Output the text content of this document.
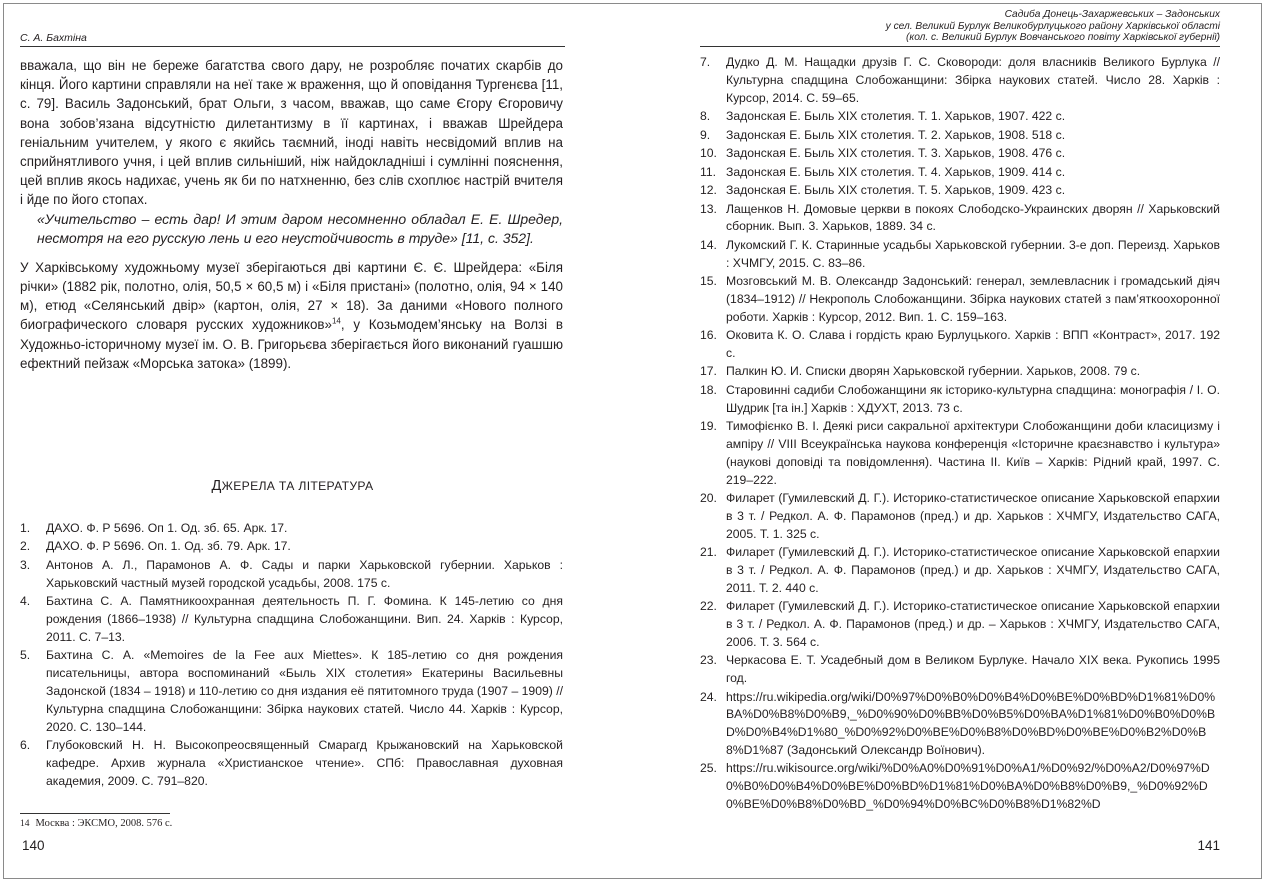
С. А. Бахтіна

вважала, що він не береже багатства свого дару, не розробляє початих скарбів до кінця. Його картини справляли на неї таке ж враження, що й оповідання Тургенєва [11, с. 79]. Василь Задонський, брат Ольги, з часом, вважав, що саме Єгору Єгоровичу вона зобов’язана відсутністю дилетантизму в її картинах, і вважав Шрейдера геніальним учителем, у якого є якийсь таємний, іноді навіть несвідомий вплив на сприйнятливого учня, і цей вплив сильніший, ніж найдокладніші і сумлінні пояснення, цей вплив якось надихає, учень як би по натхненню, без слів схоплює настрій вчителя і йде по його стопах.

«Учительство – есть дар! И этим даром несомненно обладал Е. Е. Шредер, несмотря на его русскую лень и его неустойчивость в труде» [11, с. 352].

У Харківському художньому музеї зберігаються дві картини Є. Є. Шрейдера: «Біля річки» (1882 рік, полотно, олія, 50,5 × 60,5 м) і «Біля пристані» (полотно, олія, 94 × 140 м), етюд «Селянський двір» (картон, олія, 27 × 18). За даними «Нового полного биографического словаря русских художников»$^{14}$, у Козьмодем’янську на Волзі в Художньо-історичному музеї ім. О. В. Григорьєва зберігається його виконаний гуашшю ефектний пейзаж «Морська затока» (1899).

ДЖЕРЕЛА ТА ЛІТЕРАТУРА
1. ДАХО. Ф. Р 5696. Оп 1. Од. зб. 65. Арк. 17.
2. ДАХО. Ф. Р 5696. Оп. 1. Од. зб. 79. Арк. 17.
3. Антонов А. Л., Парамонов А. Ф. Сады и парки Харьковской губернии. Харьков : Харьковский частный музей городской усадьбы, 2008. 175 с.
4. Бахтина С. А. Памятникоохранная деятельность П. Г. Фомина. К 145-летию со дня рождения (1866–1938) // Культурна спадщина Слобожанщини. Вип. 24. Харків : Курсор, 2011. С. 7–13.
5. Бахтина С. А. «Memoires de la Fee aux Miettes». К 185-летию со дня рождения писательницы, автора воспоминаний «Быль XIX столетия» Екатерины Васильевны Задонской (1834 – 1918) и 110-летию со дня издания её пятитомного труда (1907 – 1909) // Культурна спадщина Слобожанщини: Збірка наукових статей. Число 44. Харків : Курсор, 2020. С. 130–144.
6. Глубоковский Н. Н. Высокопреосвященный Смарагд Крыжановский на Харьковской кафедре. Архив журнала «Христианское чтение». СПб: Православная духовная академия, 2009. С. 791–820.
14 Москва : ЭКСМО, 2008. 576 с.
140
Садиба Донець-Захаржевських – Задонських
у сел. Великий Бурлук Великобурлуцького району Харківської області
(кол. с. Великий Бурлук Вовчанського повіту Харківської губернії)
7. Дудко Д. М. Нащадки друзів Г. С. Сковороди: доля власників Великого Бурлука // Культурна спадщина Слобожанщини: Збірка наукових статей. Число 28. Харків : Курсор, 2014. С. 59–65.
8. Задонская Е. Быль XIX столетия. Т. 1. Харьков, 1907. 422 с.
9. Задонская Е. Быль XIX столетия. Т. 2. Харьков, 1908. 518 с.
10. Задонская Е. Быль XIX столетия. Т. 3. Харьков, 1908. 476 с.
11. Задонская Е. Быль XIX столетия. Т. 4. Харьков, 1909. 414 с.
12. Задонская Е. Быль XIX столетия. Т. 5. Харьков, 1909. 423 с.
13. Лащенков Н. Домовые церкви в покоях Слободско-Украинских дворян // Харьковский сборник. Вып. 3. Харьков, 1889. 34 с.
14. Лукомский Г. К. Старинные усадьбы Харьковской губернии. 3-е доп. Переизд. Харьков : ХЧМГУ, 2015. С. 83–86.
15. Мозговський М. В. Олександр Задонський: генерал, землевласник і громадський діяч (1834–1912) // Некрополь Слобожанщини. Збірка наукових статей з пам’яткоохоронної роботи. Харків : Курсор, 2012. Вип. 1. С. 159–163.
16. Оковита К. О. Слава і гордість краю Бурлуцького. Харків : ВПП «Контраст», 2017. 192 с.
17. Палкин Ю. И. Списки дворян Харьковской губернии. Харьков, 2008. 79 с.
18. Старовинні садиби Слобожанщини як історико-культурна спадщина: монографія / І. О. Шудрик [та ін.] Харків : ХДУХТ, 2013. 73 с.
19. Тимофієнко В. І. Деякі риси сакральної архітектури Слобожанщини доби класицизму і ампіру // VIII Всеукраїнська наукова конференція «Історичне краєзнавство і культура» (наукові доповіді та повідомлення). Частина ІІ. Київ – Харків: Рідний край, 1997. С. 219–222.
20. Филарет (Гумилевский Д. Г.). Историко-статистическое описание Харьковской епархии в 3 т. / Редкол. А. Ф. Парамонов (пред.) и др. Харьков : ХЧМГУ, Издательство САГА, 2005. Т. 1. 325 с.
21. Филарет (Гумилевский Д. Г.). Историко-статистическое описание Харьковской епархии в 3 т. / Редкол. А. Ф. Парамонов (пред.) и др. Харьков : ХЧМГУ, Издательство САГА, 2011. Т. 2. 440 с.
22. Филарет (Гумилевский Д. Г.). Историко-статистическое описание Харьковской епархии в 3 т. / Редкол. А. Ф. Парамонов (пред.) и др. – Харьков : ХЧМГУ, Издательство САГА, 2006. Т. 3. 564 с.
23. Черкасова Е. Т. Усадебный дом в Великом Бурлуке. Начало XIX века. Рукопись 1995 год.
24. https://ru.wikipedia.org/wiki/D0%97%D0%B0%D0%B4%D0%BE%D0%BD%D1%81%D0%BA%D0%B8%D0%B9,_%D0%90%D0%BB%D0%B5%D0%BA%D1%81%D0%B0%D0%BD%D0%B4%D1%80_%D0%92%D0%BE%D0%B8%D0%BD%D0%BE%D0%B2%D0%B8%D1%87 (Задонський Олександр Воїнович).
25. https://ru.wikisource.org/wiki/%D0%A0%D0%91%D0%A1/%D0%92/%D0%A2/D0%97%D0%B0%D0%B4%D0%BE%D0%BD%D1%81%D0%BA%D0%B8%D0%B9,_%D0%92%D0%BE%D0%B8%D0%BD_%D0%94%D0%BC%D0%B8%D1%82%D
141
